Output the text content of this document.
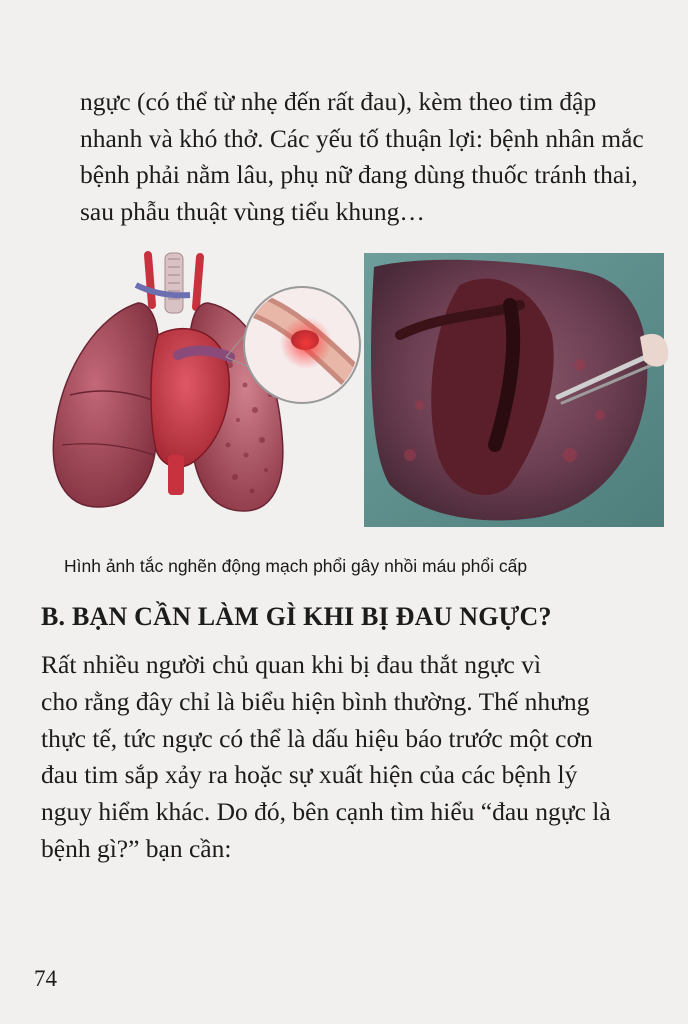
ngực (có thể từ nhẹ đến rất đau), kèm theo tim đập
nhanh và khó thở. Các yếu tố thuận lợi: bệnh nhân mắc
bệnh phải nằm lâu, phụ nữ đang dùng thuốc tránh thai,
sau phẫu thuật vùng tiểu khung…

Hình ảnh tắc nghẽn động mạch phổi gây nhồi máu phổi cấp

B. BẠN CẦN LÀM GÌ KHI BỊ ĐAU NGỰC?

Rất nhiều người chủ quan khi bị đau thắt ngực vì
cho rằng đây chỉ là biểu hiện bình thường. Thế nhưng
thực tế, tức ngực có thể là dấu hiệu báo trước một cơn
đau tim sắp xảy ra hoặc sự xuất hiện của các bệnh lý
nguy hiểm khác. Do đó, bên cạnh tìm hiểu “đau ngực là
bệnh gì?” bạn cần:

74
